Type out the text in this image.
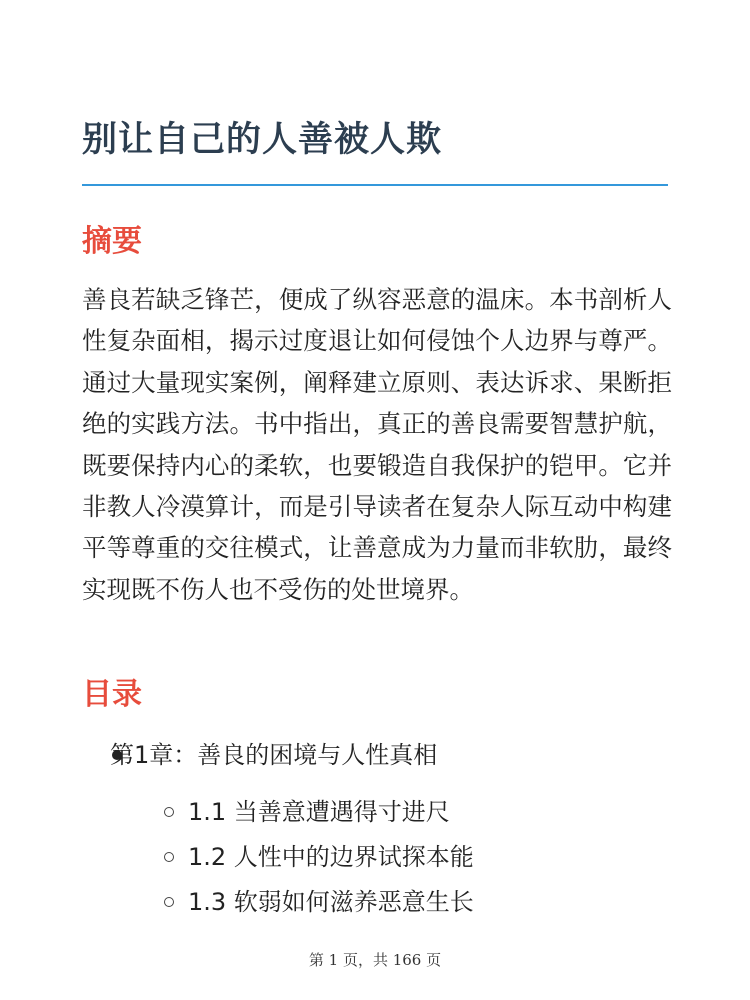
别让自己的人善被人欺
摘要

善良若缺乏锋芒，便成了纵容恶意的温床。本书剖析人性复杂面相，揭示过度退让如何侵蚀个人边界与尊严。通过大量现实案例，阐释建立原则、表达诉求、果断拒绝的实践方法。书中指出，真正的善良需要智慧护航，既要保持内心的柔软，也要锻造自我保护的铠甲。它并非教人冷漠算计，而是引导读者在复杂人际互动中构建平等尊重的交往模式，让善意成为力量而非软肋，最终实现既不伤人也不受伤的处世境界。

目录

第1章：善良的困境与人性真相

1.1 当善意遭遇得寸进尺

1.2 人性中的边界试探本能

1.3 软弱如何滋养恶意生长

第 1 页，共 166 页
